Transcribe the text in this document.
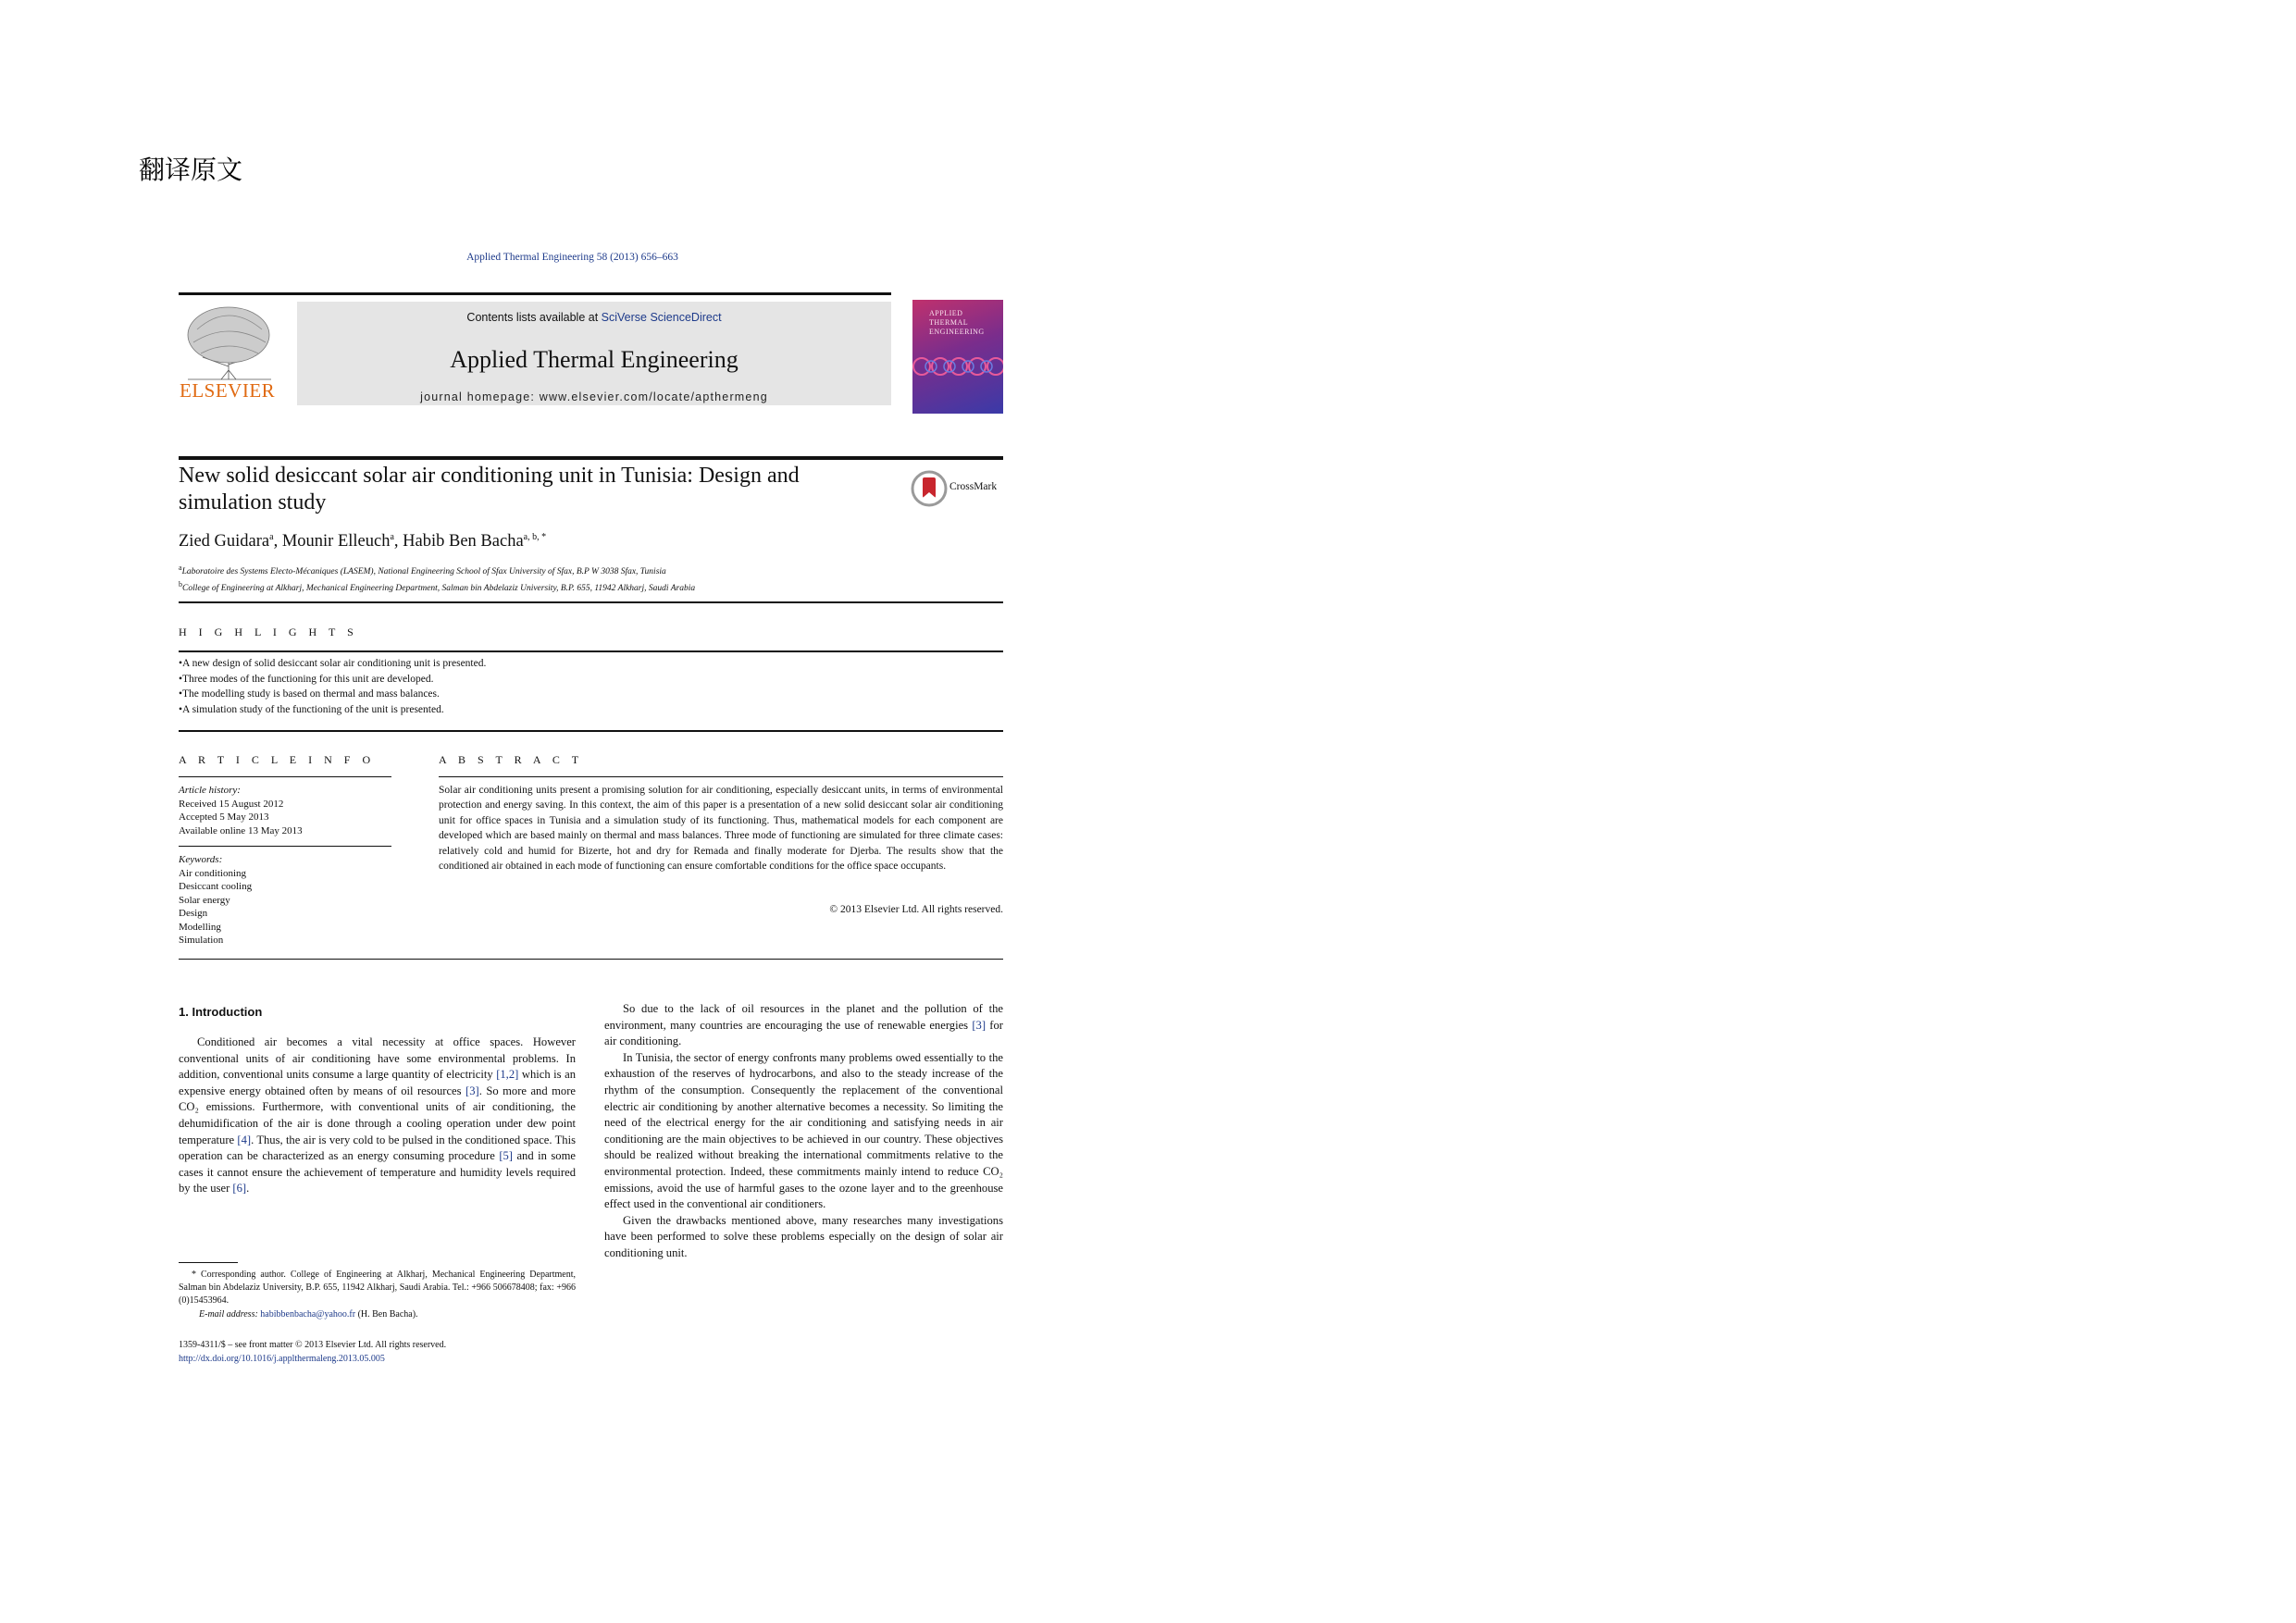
翻译原文
Applied Thermal Engineering 58 (2013) 656–663
ELSEVIER
Contents lists available at SciVerse ScienceDirect
Applied Thermal Engineering
journal homepage: www.elsevier.com/locate/apthermeng
APPLIED
THERMAL
ENGINEERING
New solid desiccant solar air conditioning unit in Tunisia: Design and simulation study
CrossMark
Zied Guidara$^a$, Mounir Elleuch$^a$, Habib Ben Bacha$^{a, b, *}$
$^a$Laboratoire des Systems Electo-Mécaniques (LASEM), National Engineering School of Sfax University of Sfax, B.P W 3038 Sfax, Tunisia
$^b$College of Engineering at Alkharj, Mechanical Engineering Department, Salman bin Abdelaziz University, B.P. 655, 11942 Alkharj, Saudi Arabia
H I G H L I G H T S
• A new design of solid desiccant solar air conditioning unit is presented.
• Three modes of the functioning for this unit are developed.
• The modelling study is based on thermal and mass balances.
• A simulation study of the functioning of the unit is presented.
A R T I C L E I N F O	A B S T R A C T
Article history:
Received 15 August 2012
Accepted 5 May 2013
Available online 13 May 2013
Keywords:
Air conditioning
Desiccant cooling
Solar energy
Design
Modelling
Simulation
Solar air conditioning units present a promising solution for air conditioning, especially desiccant units, in terms of environmental protection and energy saving. In this context, the aim of this paper is a presentation of a new solid desiccant solar air conditioning unit for office spaces in Tunisia and a simulation study of its functioning. Thus, mathematical models for each component are developed which are based mainly on thermal and mass balances. Three mode of functioning are simulated for three climate cases: relatively cold and humid for Bizerte, hot and dry for Remada and finally moderate for Djerba. The results show that the conditioned air obtained in each mode of functioning can ensure comfortable conditions for the office space occupants.
© 2013 Elsevier Ltd. All rights reserved.
1. Introduction

Conditioned air becomes a vital necessity at office spaces. However conventional units of air conditioning have some environmental problems. In addition, conventional units consume a large quantity of electricity [1,2] which is an expensive energy obtained often by means of oil resources [3]. So more and more CO₂ emissions. Furthermore, with conventional units of air conditioning, the dehumidification of the air is done through a cooling operation under dew point temperature [4]. Thus, the air is very cold to be pulsed in the conditioned space. This operation can be characterized as an energy consuming procedure [5] and in some cases it cannot ensure the achievement of temperature and humidity levels required by the user [6].

* Corresponding author. College of Engineering at Alkharj, Mechanical Engineering Department, Salman bin Abdelaziz University, B.P. 655, 11942 Alkharj, Saudi Arabia. Tel.: +966 506678408; fax: +966 (0)15453964.
E-mail address: habibbenbacha@yahoo.fr (H. Ben Bacha).
1359-4311/$ – see front matter © 2013 Elsevier Ltd. All rights reserved.
http://dx.doi.org/10.1016/j.applthermaleng.2013.05.005

So due to the lack of oil resources in the planet and the pollution of the environment, many countries are encouraging the use of renewable energies [3] for air conditioning.

In Tunisia, the sector of energy confronts many problems owed essentially to the exhaustion of the reserves of hydrocarbons, and also to the steady increase of the rhythm of the consumption. Consequently the replacement of the conventional electric air conditioning by another alternative becomes a necessity. So limiting the need of the electrical energy for the air conditioning and satisfying needs in air conditioning are the main objectives to be achieved in our country. These objectives should be realized without breaking the international commitments relative to the environmental protection. Indeed, these commitments mainly intend to reduce CO₂ emissions, avoid the use of harmful gases to the ozone layer and to the greenhouse effect used in the conventional air conditioners.

Given the drawbacks mentioned above, many researches many investigations have been performed to solve these problems especially on the design of solar air conditioning unit.
